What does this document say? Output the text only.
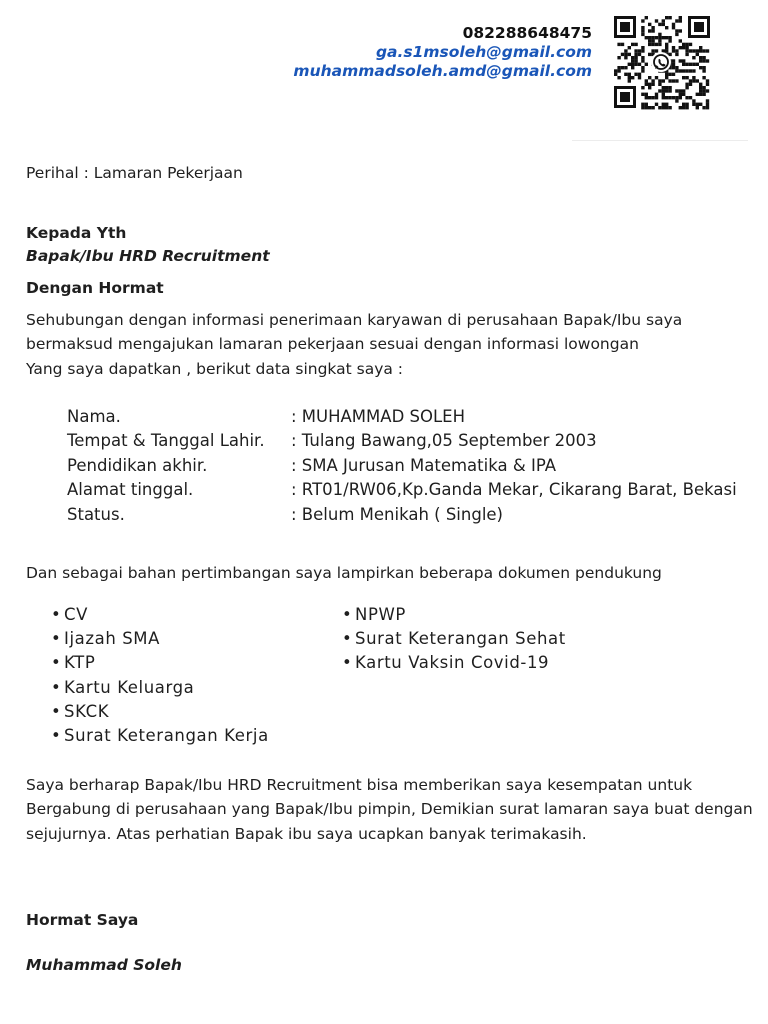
082288648475
ga.s1msoleh@gmail.com
muhammadsoleh.amd@gmail.com
Perihal : Lamaran Pekerjaan
Kepada Yth
Bapak/Ibu HRD Recruitment
Dengan Hormat
Sehubungan dengan informasi penerimaan karyawan di perusahaan Bapak/Ibu saya
bermaksud mengajukan lamaran pekerjaan sesuai dengan informasi lowongan
Yang saya dapatkan , berikut data singkat saya :
Nama.	: MUHAMMAD SOLEH
Tempat & Tanggal Lahir.	: Tulang Bawang,05 September 2003
Pendidikan akhir.	: SMA Jurusan Matematika & IPA
Alamat tinggal.	: RT01/RW06,Kp.Ganda Mekar, Cikarang Barat, Bekasi
Status.	: Belum Menikah ( Single)
Dan sebagai bahan pertimbangan saya lampirkan beberapa dokumen pendukung
• CV
• Ijazah SMA
• KTP
• Kartu Keluarga
• SKCK
• Surat Keterangan Kerja
• NPWP
• Surat Keterangan Sehat
• Kartu Vaksin Covid-19
Saya berharap Bapak/Ibu HRD Recruitment bisa memberikan saya kesempatan untuk
Bergabung di perusahaan yang Bapak/Ibu pimpin, Demikian surat lamaran saya buat dengan
sejujurnya. Atas perhatian Bapak ibu saya ucapkan banyak terimakasih.
Hormat Saya
Muhammad Soleh
